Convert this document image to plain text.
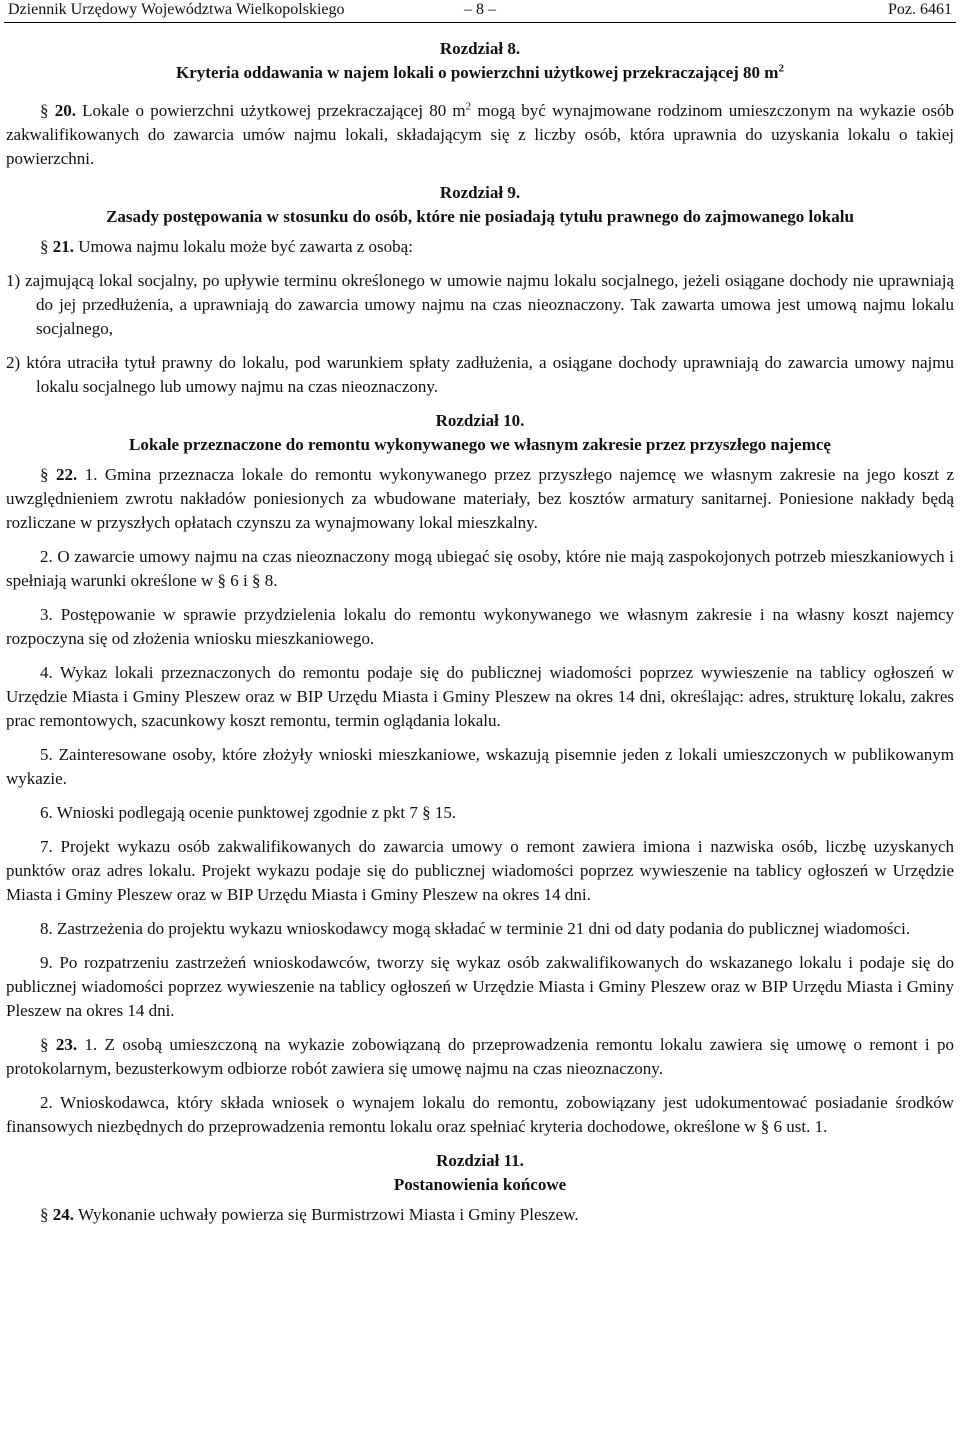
Dziennik Urzędowy Województwa Wielkopolskiego	– 8 –	Poz. 6461
Rozdział 8.
Kryteria oddawania w najem lokali o powierzchni użytkowej przekraczającej 80 $m^2$

§ 20. Lokale o powierzchni użytkowej przekraczającej 80 $m^2$ mogą być wynajmowane rodzinom umieszczonym na wykazie osób zakwalifikowanych do zawarcia umów najmu lokali, składającym się z liczby osób, która uprawnia do uzyskania lokalu o takiej powierzchni.

Rozdział 9.
Zasady postępowania w stosunku do osób, które nie posiadają tytułu prawnego do zajmowanego lokalu

§ 21. Umowa najmu lokalu może być zawarta z osobą:

1) zajmującą lokal socjalny, po upływie terminu określonego w umowie najmu lokalu socjalnego, jeżeli osiągane dochody nie uprawniają do jej przedłużenia, a uprawniają do zawarcia umowy najmu na czas nieoznaczony. Tak zawarta umowa jest umową najmu lokalu socjalnego,

2) która utraciła tytuł prawny do lokalu, pod warunkiem spłaty zadłużenia, a osiągane dochody uprawniają do zawarcia umowy najmu lokalu socjalnego lub umowy najmu na czas nieoznaczony.

Rozdział 10.
Lokale przeznaczone do remontu wykonywanego we własnym zakresie przez przyszłego najemcę

§ 22. 1. Gmina przeznacza lokale do remontu wykonywanego przez przyszłego najemcę we własnym zakresie na jego koszt z uwzględnieniem zwrotu nakładów poniesionych za wbudowane materiały, bez kosztów armatury sanitarnej. Poniesione nakłady będą rozliczane w przyszłych opłatach czynszu za wynajmowany lokal mieszkalny.

2. O zawarcie umowy najmu na czas nieoznaczony mogą ubiegać się osoby, które nie mają zaspokojonych potrzeb mieszkaniowych i spełniają warunki określone w § 6 i § 8.

3. Postępowanie w sprawie przydzielenia lokalu do remontu wykonywanego we własnym zakresie i na własny koszt najemcy rozpoczyna się od złożenia wniosku mieszkaniowego.

4. Wykaz lokali przeznaczonych do remontu podaje się do publicznej wiadomości poprzez wywieszenie na tablicy ogłoszeń w Urzędzie Miasta i Gminy Pleszew oraz w BIP Urzędu Miasta i Gminy Pleszew na okres 14 dni, określając: adres, strukturę lokalu, zakres prac remontowych, szacunkowy koszt remontu, termin oglądania lokalu.

5. Zainteresowane osoby, które złożyły wnioski mieszkaniowe, wskazują pisemnie jeden z lokali umieszczonych w publikowanym wykazie.

6. Wnioski podlegają ocenie punktowej zgodnie z pkt 7 § 15.

7. Projekt wykazu osób zakwalifikowanych do zawarcia umowy o remont zawiera imiona i nazwiska osób, liczbę uzyskanych punktów oraz adres lokalu. Projekt wykazu podaje się do publicznej wiadomości poprzez wywieszenie na tablicy ogłoszeń w Urzędzie Miasta i Gminy Pleszew oraz w BIP Urzędu Miasta i Gminy Pleszew na okres 14 dni.

8. Zastrzeżenia do projektu wykazu wnioskodawcy mogą składać w terminie 21 dni od daty podania do publicznej wiadomości.

9. Po rozpatrzeniu zastrzeżeń wnioskodawców, tworzy się wykaz osób zakwalifikowanych do wskazanego lokalu i podaje się do publicznej wiadomości poprzez wywieszenie na tablicy ogłoszeń w Urzędzie Miasta i Gminy Pleszew oraz w BIP Urzędu Miasta i Gminy Pleszew na okres 14 dni.

§ 23. 1. Z osobą umieszczoną na wykazie zobowiązaną do przeprowadzenia remontu lokalu zawiera się umowę o remont i po protokolarnym, bezusterkowym odbiorze robót zawiera się umowę najmu na czas nieoznaczony.

2. Wnioskodawca, który składa wniosek o wynajem lokalu do remontu, zobowiązany jest udokumentować posiadanie środków finansowych niezbędnych do przeprowadzenia remontu lokalu oraz spełniać kryteria dochodowe, określone w § 6 ust. 1.

Rozdział 11.
Postanowienia końcowe

§ 24. Wykonanie uchwały powierza się Burmistrzowi Miasta i Gminy Pleszew.
